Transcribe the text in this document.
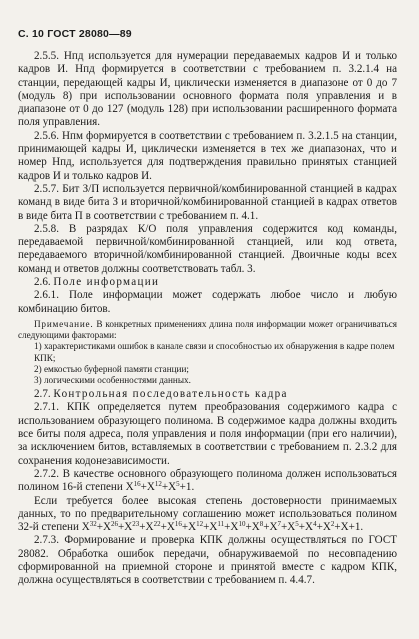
С. 10 ГОСТ 28080—89

2.5.5. Нпд используется для нумерации передаваемых кадров И и только кадров И. Нпд формируется в соответствии с требованием п. 3.2.1.4 на станции, передающей кадры И, циклически изменяется в диапазоне от 0 до 7 (модуль 8) при использовании основного формата поля управления и в диапазоне от 0 до 127 (модуль 128) при использовании расширенного формата поля управления.

2.5.6. Нпм формируется в соответствии с требованием п. 3.2.1.5 на станции, принимающей кадры И, циклически изменяется в тех же диапазонах, что и номер Нпд, используется для подтверждения правильно принятых станцией кадров И и только кадров И.

2.5.7. Бит З/П используется первичной/комбинированной станцией в кадрах команд в виде бита З и вторичной/комбинированной станцией в кадрах ответов в виде бита П в соответствии с требованием п. 4.1.

2.5.8. В разрядах К/О поля управления содержится код команды, передаваемой первичной/комбинированной станцией, или код ответа, передаваемого вторичной/комбинированной станцией. Двоичные коды всех команд и ответов должны соответствовать табл. 3.

2.6. Поле информации

2.6.1. Поле информации может содержать любое число и любую комбинацию битов.

Примечание. В конкретных применениях длина поля информации может ограничиваться следующими факторами:

1) характеристиками ошибок в канале связи и способностью их обнаружения в кадре полем КПК;

2) емкостью буферной памяти станции;

3) логическими особенностями данных.

2.7. Контрольная последовательность кадра

2.7.1. КПК определяется путем преобразования содержимого кадра с использованием образующего полинома. В содержимое кадра должны входить все биты поля адреса, поля управления и поля информации (при его наличии), за исключением битов, вставляемых в соответствии с требованием п. 2.3.2 для сохранения кодонезависимости.

2.7.2. В качестве основного образующего полинома должен использоваться полином 16-й степени $X^{16}+X^{12}+X^5+1$.

Если требуется более высокая степень достоверности принимаемых данных, то по предварительному соглашению может использоваться полином 32-й степени $X^{32}+X^{26}+X^{23}+X^{22}+X^{16}+X^{12}+X^{11}+X^{10}+X^8+X^7+X^5+X^4+X^2+X+1$.

2.7.3. Формирование и проверка КПК должны осуществляться по ГОСТ 28082. Обработка ошибок передачи, обнаруживаемой по несовпадению сформированной на приемной стороне и принятой вместе с кадром КПК, должна осуществляться в соответствии с требованием п. 4.4.7.
